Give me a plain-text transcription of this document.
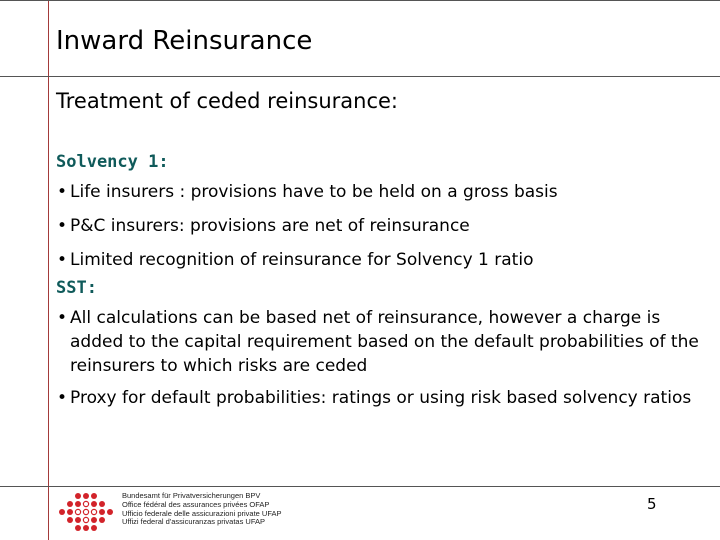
Inward Reinsurance
Treatment of ceded reinsurance:
Solvency 1:
• Life insurers : provisions have to be held on a gross basis
• P&C insurers: provisions are net of reinsurance
• Limited recognition of reinsurance for Solvency 1 ratio
SST:
• All calculations can be based net of reinsurance, however a charge is added to the capital requirement based on the default probabilities of the reinsurers to which risks are ceded
• Proxy for default probabilities: ratings or using risk based solvency ratios
Bundesamt für Privatversicherungen BPV
Office fédéral des assurances privées OFAP
Ufficio federale delle assicurazioni private UFAP
Uffizi federal d'assicuranzas privatas UFAP
5
